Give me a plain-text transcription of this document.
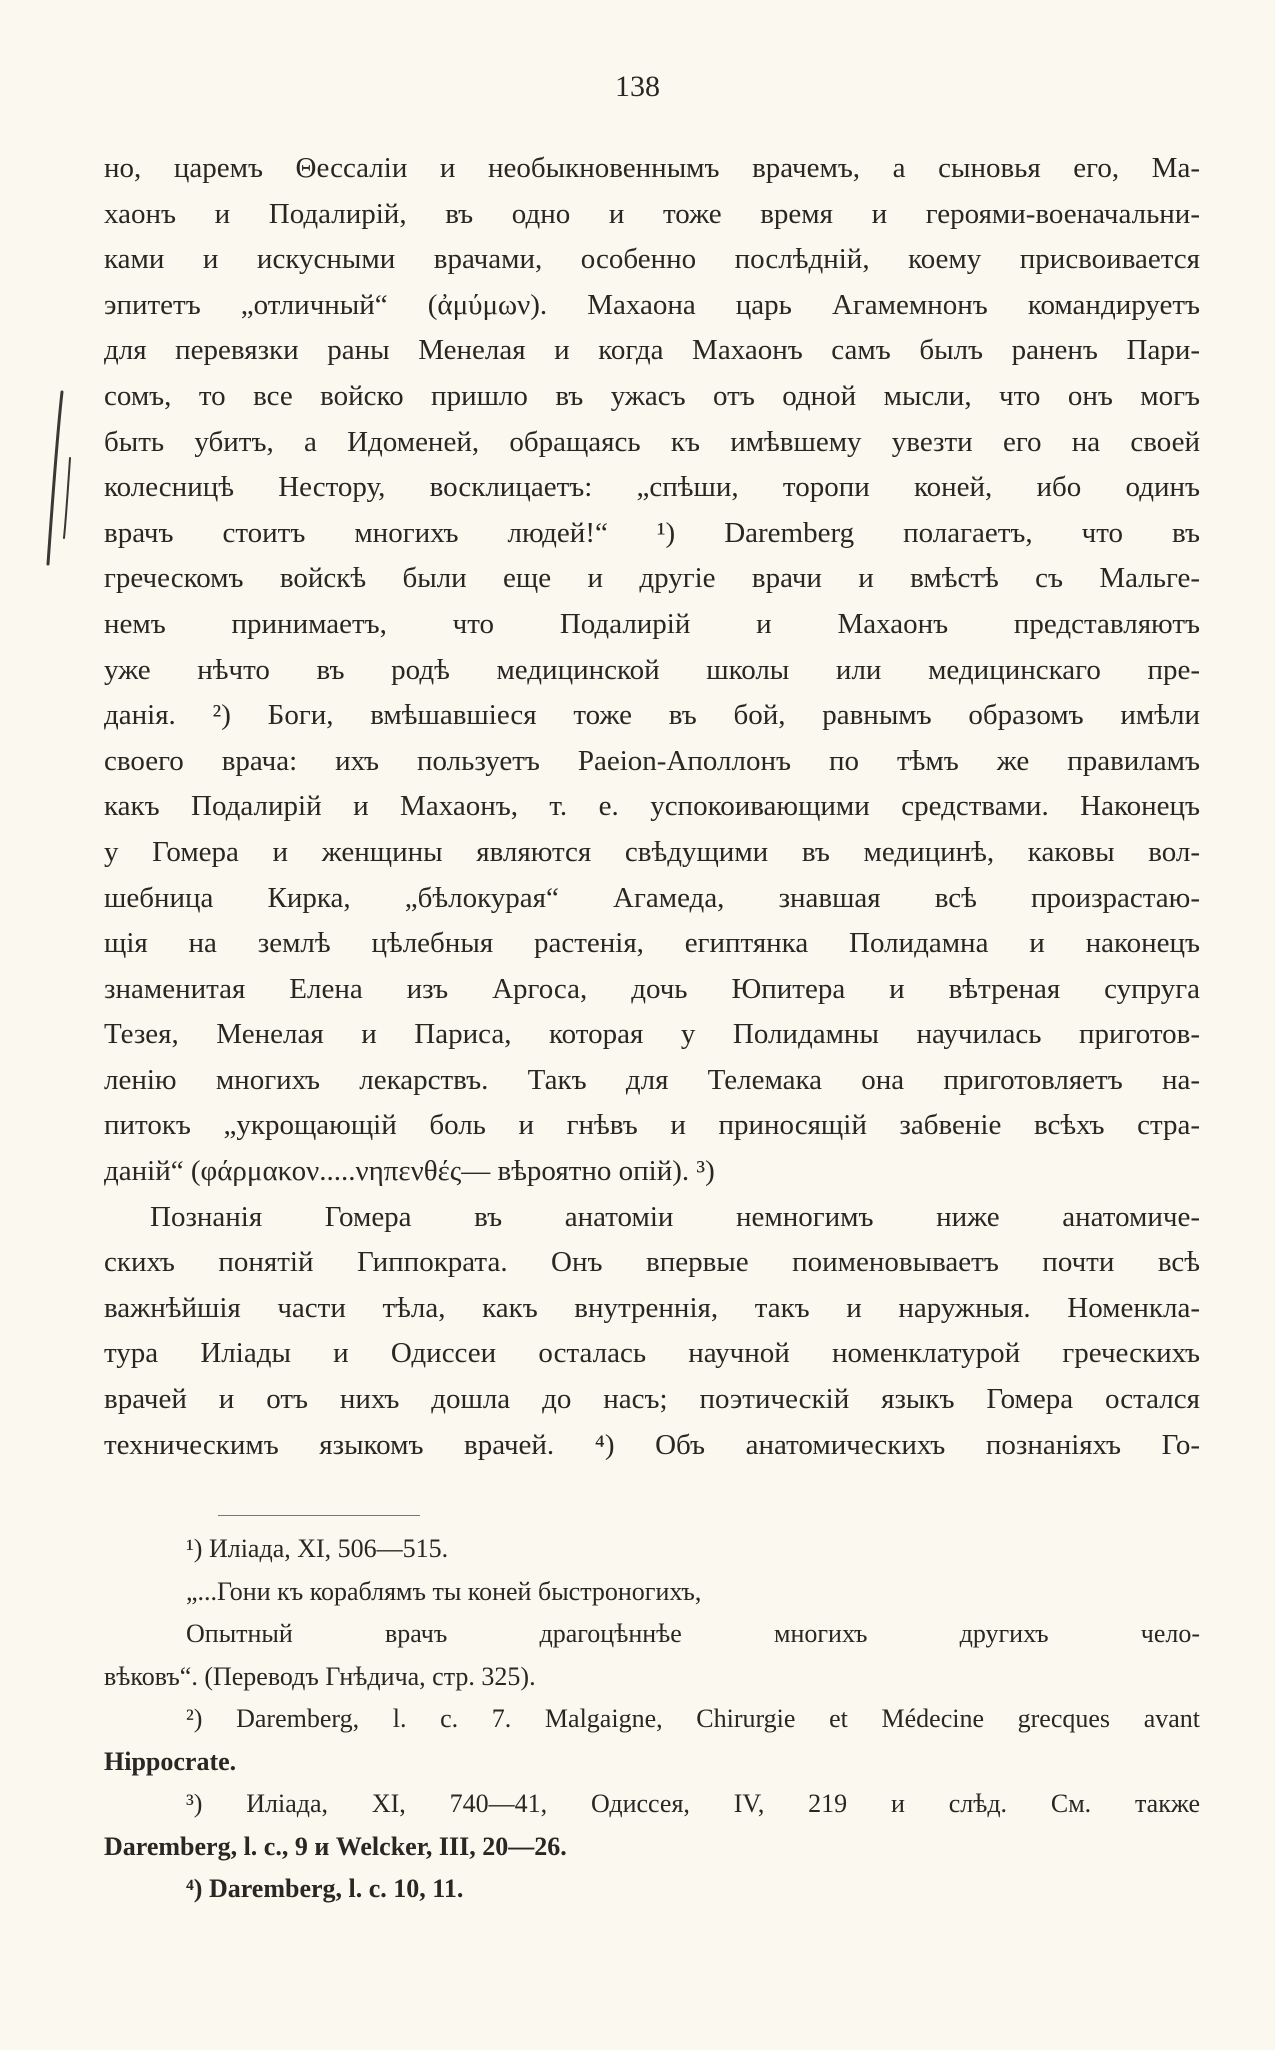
138
но, царемъ Θессаліи и необыкновеннымъ врачемъ, а сыновья его, Ма-
хаонъ и Подалирій, въ одно и тоже время и героями-военачальни-
ками и искусными врачами, особенно послѣдній, коему присвоивается
эпитетъ „отличный“ (ἀμύμων). Махаона царь Агамемнонъ командируетъ
для перевязки раны Менелая и когда Махаонъ самъ былъ раненъ Пари-
сомъ, то все войско пришло въ ужасъ отъ одной мысли, что онъ могъ
быть убитъ, а Идоменей, обращаясь къ имѣвшему увезти его на своей
колесницѣ Нестору, восклицаетъ: „спѣши, торопи коней, ибо одинъ
врачъ стоитъ многихъ людей!“ ¹) Daremberg полагаетъ, что въ
греческомъ войскѣ были еще и другіе врачи и вмѣстѣ съ Мальге-
немъ принимаетъ, что Подалирій и Махаонъ представляютъ
уже нѣчто въ родѣ медицинской школы или медицинскаго пре-
данія. ²) Боги, вмѣшавшіеся тоже въ бой, равнымъ образомъ имѣли
своего врача: ихъ пользуетъ Pаеіоn-Аполлонъ по тѣмъ же правиламъ
какъ Подалирій и Махаонъ, т. е. успокоивающими средствами. Наконецъ
у Гомера и женщины являются свѣдущими въ медицинѣ, каковы вол-
шебница Кирка, „бѣлокурая“ Агамеда, знавшая всѣ произрастаю-
щія на землѣ цѣлебныя растенія, египтянка Полидамна и наконецъ
знаменитая Елена изъ Аргоса, дочь Юпитера и вѣтреная супруга
Тезея, Менелая и Париса, которая у Полидамны научилась приготов-
ленію многихъ лекарствъ. Такъ для Телемака она приготовляетъ на-
питокъ „укрощающій боль и гнѣвъ и приносящій забвеніе всѣхъ стра-
даній“ (φάρμακον.....νηπενθές— вѣроятно опій). ³)
Познанія Гомера въ анатоміи немногимъ ниже анатомиче-
скихъ понятій Гиппократа. Онъ впервые поименовываетъ почти всѣ
важнѣйшія части тѣла, какъ внутреннія, такъ и наружныя. Номенкла-
тура Иліады и Одиссеи осталась научной номенклатурой греческихъ
врачей и отъ нихъ дошла до насъ; поэтическій языкъ Гомера остался
техническимъ языкомъ врачей. ⁴) Объ анатомическихъ познаніяхъ Го-
¹) Иліада, XI, 506—515.
„...Гони къ кораблямъ ты коней быстроногихъ,
Опытный врачъ драгоцѣннѣе многихъ другихъ чело-
вѣковъ“. (Переводъ Гнѣдича, стр. 325).
²) Daremberg, l. c. 7. Malgaigne, Chirurgie et Médecine grecques avant
Hippocrate.
³) Иліада, XI, 740—41, Одиссея, IV, 219 и слѣд. См. также
Daremberg, l. c., 9 и Welcker, III, 20—26.
⁴) Daremberg, l. c. 10, 11.
